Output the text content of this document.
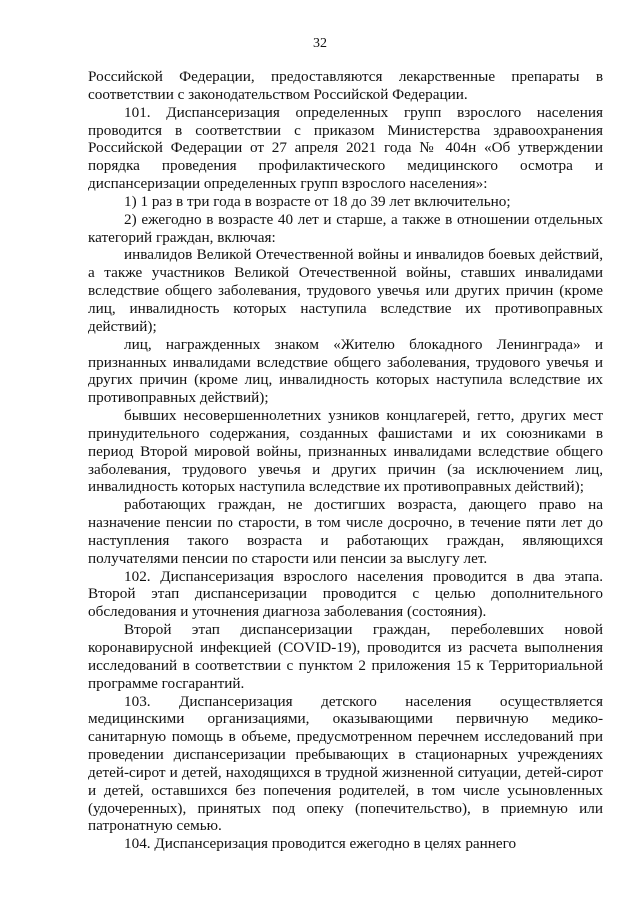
32

Российской Федерации, предоставляются лекарственные препараты в соответствии с законодательством Российской Федерации.

101. Диспансеризация определенных групп взрослого населения проводится в соответствии с приказом Министерства здравоохранения Российской Федерации от 27 апреля 2021 года № 404н «Об утверждении порядка проведения профилактического медицинского осмотра и диспансеризации определенных групп взрослого населения»:

1) 1 раз в три года в возрасте от 18 до 39 лет включительно;

2) ежегодно в возрасте 40 лет и старше, а также в отношении отдельных категорий граждан, включая:

инвалидов Великой Отечественной войны и инвалидов боевых действий, а также участников Великой Отечественной войны, ставших инвалидами вследствие общего заболевания, трудового увечья или других причин (кроме лиц, инвалидность которых наступила вследствие их противоправных действий);

лиц, награжденных знаком «Жителю блокадного Ленинграда» и признанных инвалидами вследствие общего заболевания, трудового увечья и других причин (кроме лиц, инвалидность которых наступила вследствие их противоправных действий);

бывших несовершеннолетних узников концлагерей, гетто, других мест принудительного содержания, созданных фашистами и их союзниками в период Второй мировой войны, признанных инвалидами вследствие общего заболевания, трудового увечья и других причин (за исключением лиц, инвалидность которых наступила вследствие их противоправных действий);

работающих граждан, не достигших возраста, дающего право на назначение пенсии по старости, в том числе досрочно, в течение пяти лет до наступления такого возраста и работающих граждан, являющихся получателями пенсии по старости или пенсии за выслугу лет.

102. Диспансеризация взрослого населения проводится в два этапа. Второй этап диспансеризации проводится с целью дополнительного обследования и уточнения диагноза заболевания (состояния).

Второй этап диспансеризации граждан, переболевших новой коронавирусной инфекцией (COVID-19), проводится из расчета выполнения исследований в соответствии с пунктом 2 приложения 15 к Территориальной программе госгарантий.

103. Диспансеризация детского населения осуществляется медицинскими организациями, оказывающими первичную медико-санитарную помощь в объеме, предусмотренном перечнем исследований при проведении диспансеризации пребывающих в стационарных учреждениях детей-сирот и детей, находящихся в трудной жизненной ситуации, детей-сирот и детей, оставшихся без попечения родителей, в том числе усыновленных (удочеренных), принятых под опеку (попечительство), в приемную или патронатную семью.

104. Диспансеризация проводится ежегодно в целях раннего
